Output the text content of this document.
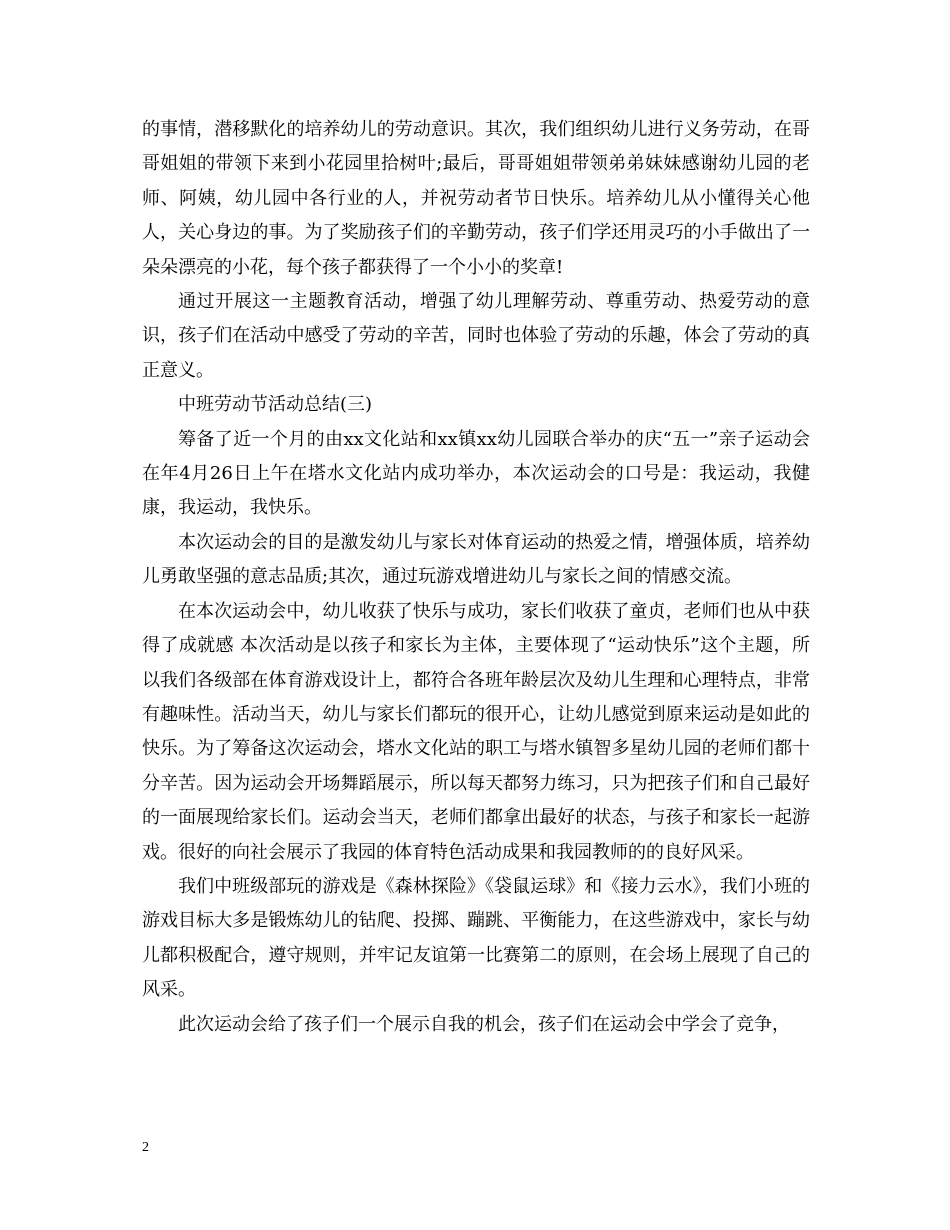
的事情，潜移默化的培养幼儿的劳动意识。其次，我们组织幼儿进行义务劳动，在哥哥姐姐的带领下来到小花园里拾树叶;最后，哥哥姐姐带领弟弟妹妹感谢幼儿园的老师、阿姨，幼儿园中各行业的人，并祝劳动者节日快乐。培养幼儿从小懂得关心他人，关心身边的事。为了奖励孩子们的辛勤劳动，孩子们学还用灵巧的小手做出了一朵朵漂亮的小花，每个孩子都获得了一个小小的奖章!

通过开展这一主题教育活动，增强了幼儿理解劳动、尊重劳动、热爱劳动的意识，孩子们在活动中感受了劳动的辛苦，同时也体验了劳动的乐趣，体会了劳动的真正意义。

中班劳动节活动总结(三)

筹备了近一个月的由xx文化站和xx镇xx幼儿园联合举办的庆“五一”亲子运动会在年4月26日上午在塔水文化站内成功举办，本次运动会的口号是：我运动，我健康，我运动，我快乐。

本次运动会的目的是激发幼儿与家长对体育运动的热爱之情，增强体质，培养幼儿勇敢坚强的意志品质;其次，通过玩游戏增进幼儿与家长之间的情感交流。

在本次运动会中，幼儿收获了快乐与成功，家长们收获了童贞，老师们也从中获得了成就感 本次活动是以孩子和家长为主体，主要体现了“运动快乐”这个主题，所以我们各级部在体育游戏设计上，都符合各班年龄层次及幼儿生理和心理特点，非常有趣味性。活动当天，幼儿与家长们都玩的很开心，让幼儿感觉到原来运动是如此的快乐。为了筹备这次运动会，塔水文化站的职工与塔水镇智多星幼儿园的老师们都十分辛苦。因为运动会开场舞蹈展示，所以每天都努力练习，只为把孩子们和自己最好的一面展现给家长们。运动会当天，老师们都拿出最好的状态，与孩子和家长一起游戏。很好的向社会展示了我园的体育特色活动成果和我园教师的的良好风采。

我们中班级部玩的游戏是《森林探险》《袋鼠运球》和《接力云水》，我们小班的游戏目标大多是锻炼幼儿的钻爬、投掷、蹦跳、平衡能力，在这些游戏中，家长与幼儿都积极配合，遵守规则，并牢记友谊第一比赛第二的原则，在会场上展现了自己的风采。

此次运动会给了孩子们一个展示自我的机会，孩子们在运动会中学会了竞争，

2
